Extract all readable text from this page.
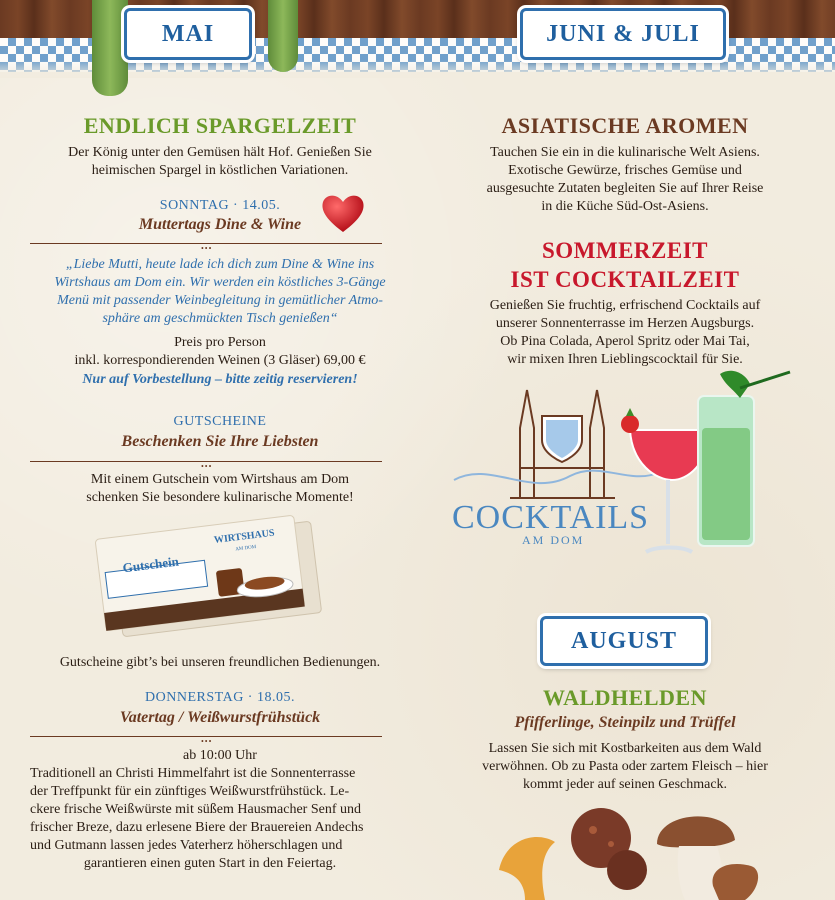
MAI	JUNI & JULI
AUGUST
ENDLICH SPARGELZEIT
Der König unter den Gemüsen hält Hof. Genießen Sie
heimischen Spargel in köstlichen Variationen.
SONNTAG · 14.05.
Muttertags Dine & Wine
•••
„Liebe Mutti, heute lade ich dich zum Dine & Wine ins
Wirtshaus am Dom ein. Wir werden ein köstliches 3-Gänge
Menü mit passender Weinbegleitung in gemütlicher Atmo-
sphäre am geschmückten Tisch genießen“
Preis pro Person
inkl. korrespondierenden Weinen (3 Gläser) 69,00 €
Nur auf Vorbestellung – bitte zeitig reservieren!
GUTSCHEINE
Beschenken Sie Ihre Liebsten
•••
Mit einem Gutschein vom Wirtshaus am Dom
schenken Sie besondere kulinarische Momente!
Gutschein
WIRTSHAUS
AM DOM
Gutscheine gibt’s bei unseren freundlichen Bedienungen.
DONNERSTAG · 18.05.
Vatertag / Weißwurstfrühstück
•••
ab 10:00 Uhr
Traditionell an Christi Himmelfahrt ist die Sonnenterrasse
der Treffpunkt für ein zünftiges Weißwurstfrühstück. Le-
ckere frische Weißwürste mit süßem Hausmacher Senf und
frischer Breze, dazu erlesene Biere der Brauereien Andechs
und Gutmann lassen jedes Vaterherz höherschlagen und
garantieren einen guten Start in den Feiertag.
ASIATISCHE AROMEN
Tauchen Sie ein in die kulinarische Welt Asiens.
Exotische Gewürze, frisches Gemüse und
ausgesuchte Zutaten begleiten Sie auf Ihrer Reise
in die Küche Süd-Ost-Asiens.
SOMMERZEIT
IST COCKTAILZEIT
Genießen Sie fruchtig, erfrischend Cocktails auf
unserer Sonnenterrasse im Herzen Augsburgs.
Ob Pina Colada, Aperol Spritz oder Mai Tai,
wir mixen Ihren Lieblingscocktail für Sie.
COCKTAILS
AM DOM
WALDHELDEN
Pfifferlinge, Steinpilz und Trüffel
Lassen Sie sich mit Kostbarkeiten aus dem Wald
verwöhnen. Ob zu Pasta oder zartem Fleisch – hier
kommt jeder auf seinen Geschmack.
